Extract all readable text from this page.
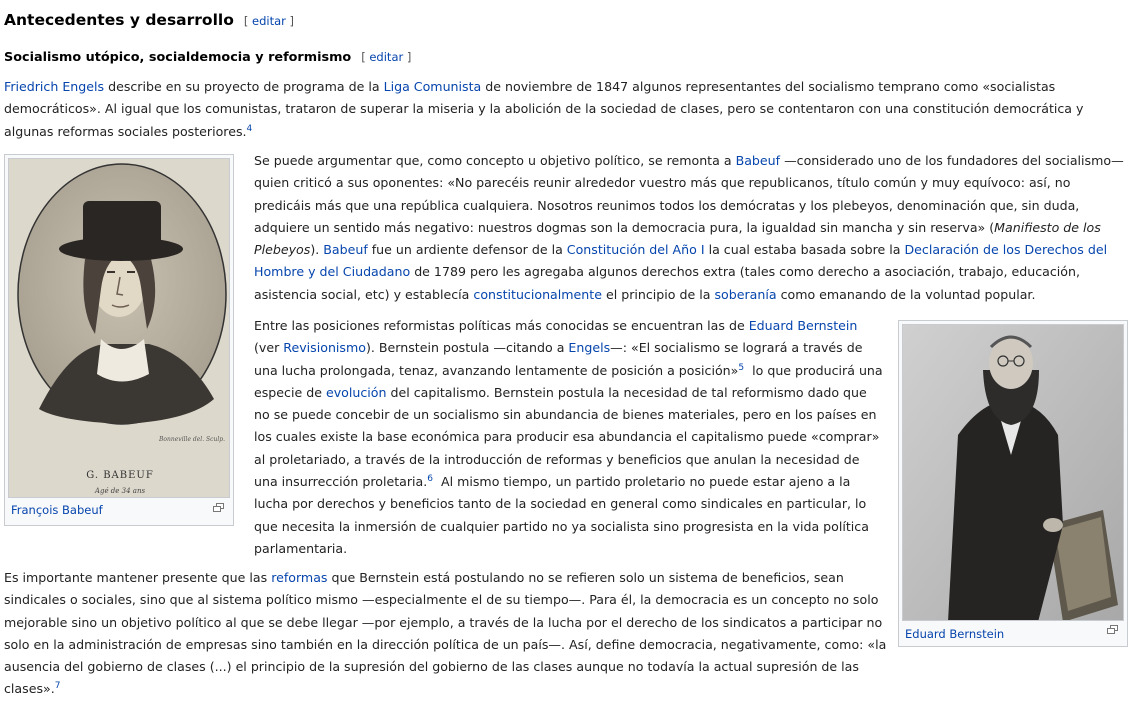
Antecedentes y desarrollo [ editar ]
Socialismo utópico, socialdemocia y reformismo [ editar ]

Friedrich Engels describe en su proyecto de programa de la Liga Comunista de noviembre de 1847 algunos representantes del socialismo temprano como «socialistas democráticos». Al igual que los comunistas, trataron de superar la miseria y la abolición de la sociedad de clases, pero se contentaron con una constitución democrática y algunas reformas sociales posteriores.$^4$

Se puede argumentar que, como concepto u objetivo político, se remonta a Babeuf —considerado uno de los fundadores del socialismo— quien criticó a sus oponentes: «No parecéis reunir alrededor vuestro más que republicanos, título común y muy equívoco: así, no predicáis más que una república cualquiera. Nosotros reunimos todos los demócratas y los plebeyos, denominación que, sin duda, adquiere un sentido más negativo: nuestros dogmas son la democracia pura, la igualdad sin mancha y sin reserva» (Manifiesto de los Plebeyos). Babeuf fue un ardiente defensor de la Constitución del Año I la cual estaba basada sobre la Declaración de los Derechos del Hombre y del Ciudadano de 1789 pero les agregaba algunos derechos extra (tales como derecho a asociación, trabajo, educación, asistencia social, etc) y establecía constitucionalmente el principio de la soberanía como emanando de la voluntad popular.

Entre las posiciones reformistas políticas más conocidas se encuentran las de Eduard Bernstein (ver Revisionismo). Bernstein postula —citando a Engels—: «El socialismo se logrará a través de una lucha prolongada, tenaz, avanzando lentamente de posición a posición»$^5$  lo que producirá una especie de evolución del capitalismo. Bernstein postula la necesidad de tal reformismo dado que no se puede concebir de un socialismo sin abundancia de bienes materiales, pero en los países en los cuales existe la base económica para producir esa abundancia el capitalismo puede «comprar» al proletariado, a través de la introducción de reformas y beneficios que anulan la necesidad de una insurrección proletaria.$^6$  Al mismo tiempo, un partido proletario no puede estar ajeno a la lucha por derechos y beneficios tanto de la sociedad en general como sindicales en particular, lo que necesita la inmersión de cualquier partido no ya socialista sino progresista en la vida política parlamentaria.

Es importante mantener presente que las reformas que Bernstein está postulando no se refieren solo un sistema de beneficios, sean sindicales o sociales, sino que al sistema político mismo —especialmente el de su tiempo—. Para él, la democracia es un concepto no solo mejorable sino un objetivo político al que se debe llegar —por ejemplo, a través de la lucha por el derecho de los sindicatos a participar no solo en la administración de empresas sino también en la dirección política de un país—. Así, define democracia, negativamente, como: «la ausencia del gobierno de clases (...) el principio de la supresión del gobierno de las clases aunque no todavía la actual supresión de las clases».$^7$

Bonneville del. Sculp.
G. BABEUF
Agé de 34 ans
François Babeuf
Eduard Bernstein
